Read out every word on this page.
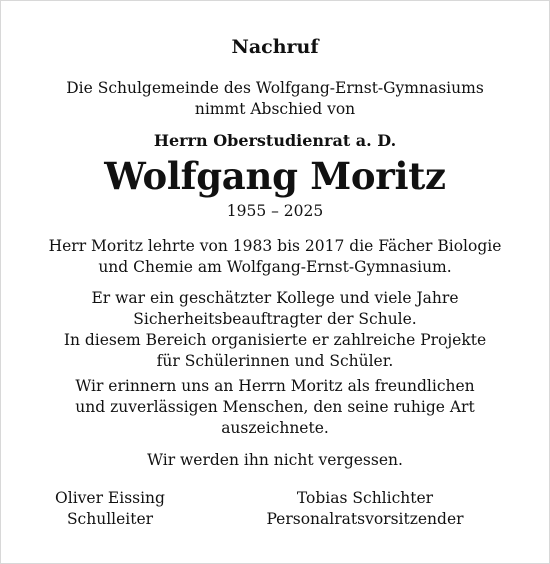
Nachruf
Die Schulgemeinde des Wolfgang-Ernst-Gymnasiums
nimmt Abschied von
Herrn Oberstudienrat a. D.
Wolfgang Moritz
1955 – 2025
Herr Moritz lehrte von 1983 bis 2017 die Fächer Biologie
und Chemie am Wolfgang-Ernst-Gymnasium.
Er war ein geschätzter Kollege und viele Jahre
Sicherheitsbeauftragter der Schule.
In diesem Bereich organisierte er zahlreiche Projekte
für Schülerinnen und Schüler.
Wir erinnern uns an Herrn Moritz als freundlichen
und zuverlässigen Menschen, den seine ruhige Art
auszeichnete.
Wir werden ihn nicht vergessen.
Oliver Eissing
Schulleiter
Tobias Schlichter
Personalratsvorsitzender
